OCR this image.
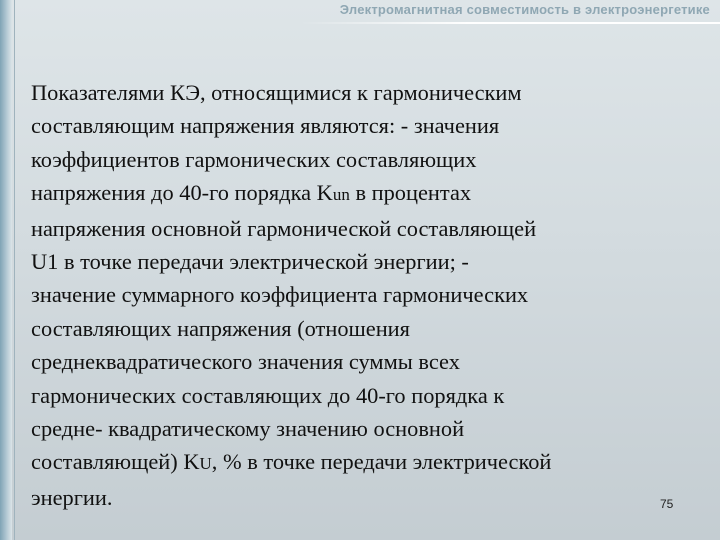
Электромагнитная совместимость в электроэнергетике

Показателями КЭ, относящимися к гармоническим
составляющим напряжения являются: - значения
коэффициентов гармонических составляющих
напряжения до 40-го порядка Kun в процентах
напряжения основной гармонической составляющей
U1 в точке передачи электрической энергии; -
значение суммарного коэффициента гармонических
составляющих напряжения (отношения
среднеквадратического значения суммы всех
гармонических составляющих до 40-го порядка к
средне- квадратическому значению основной
составляющей) KU, % в точке передачи электрической
энергии.	75
